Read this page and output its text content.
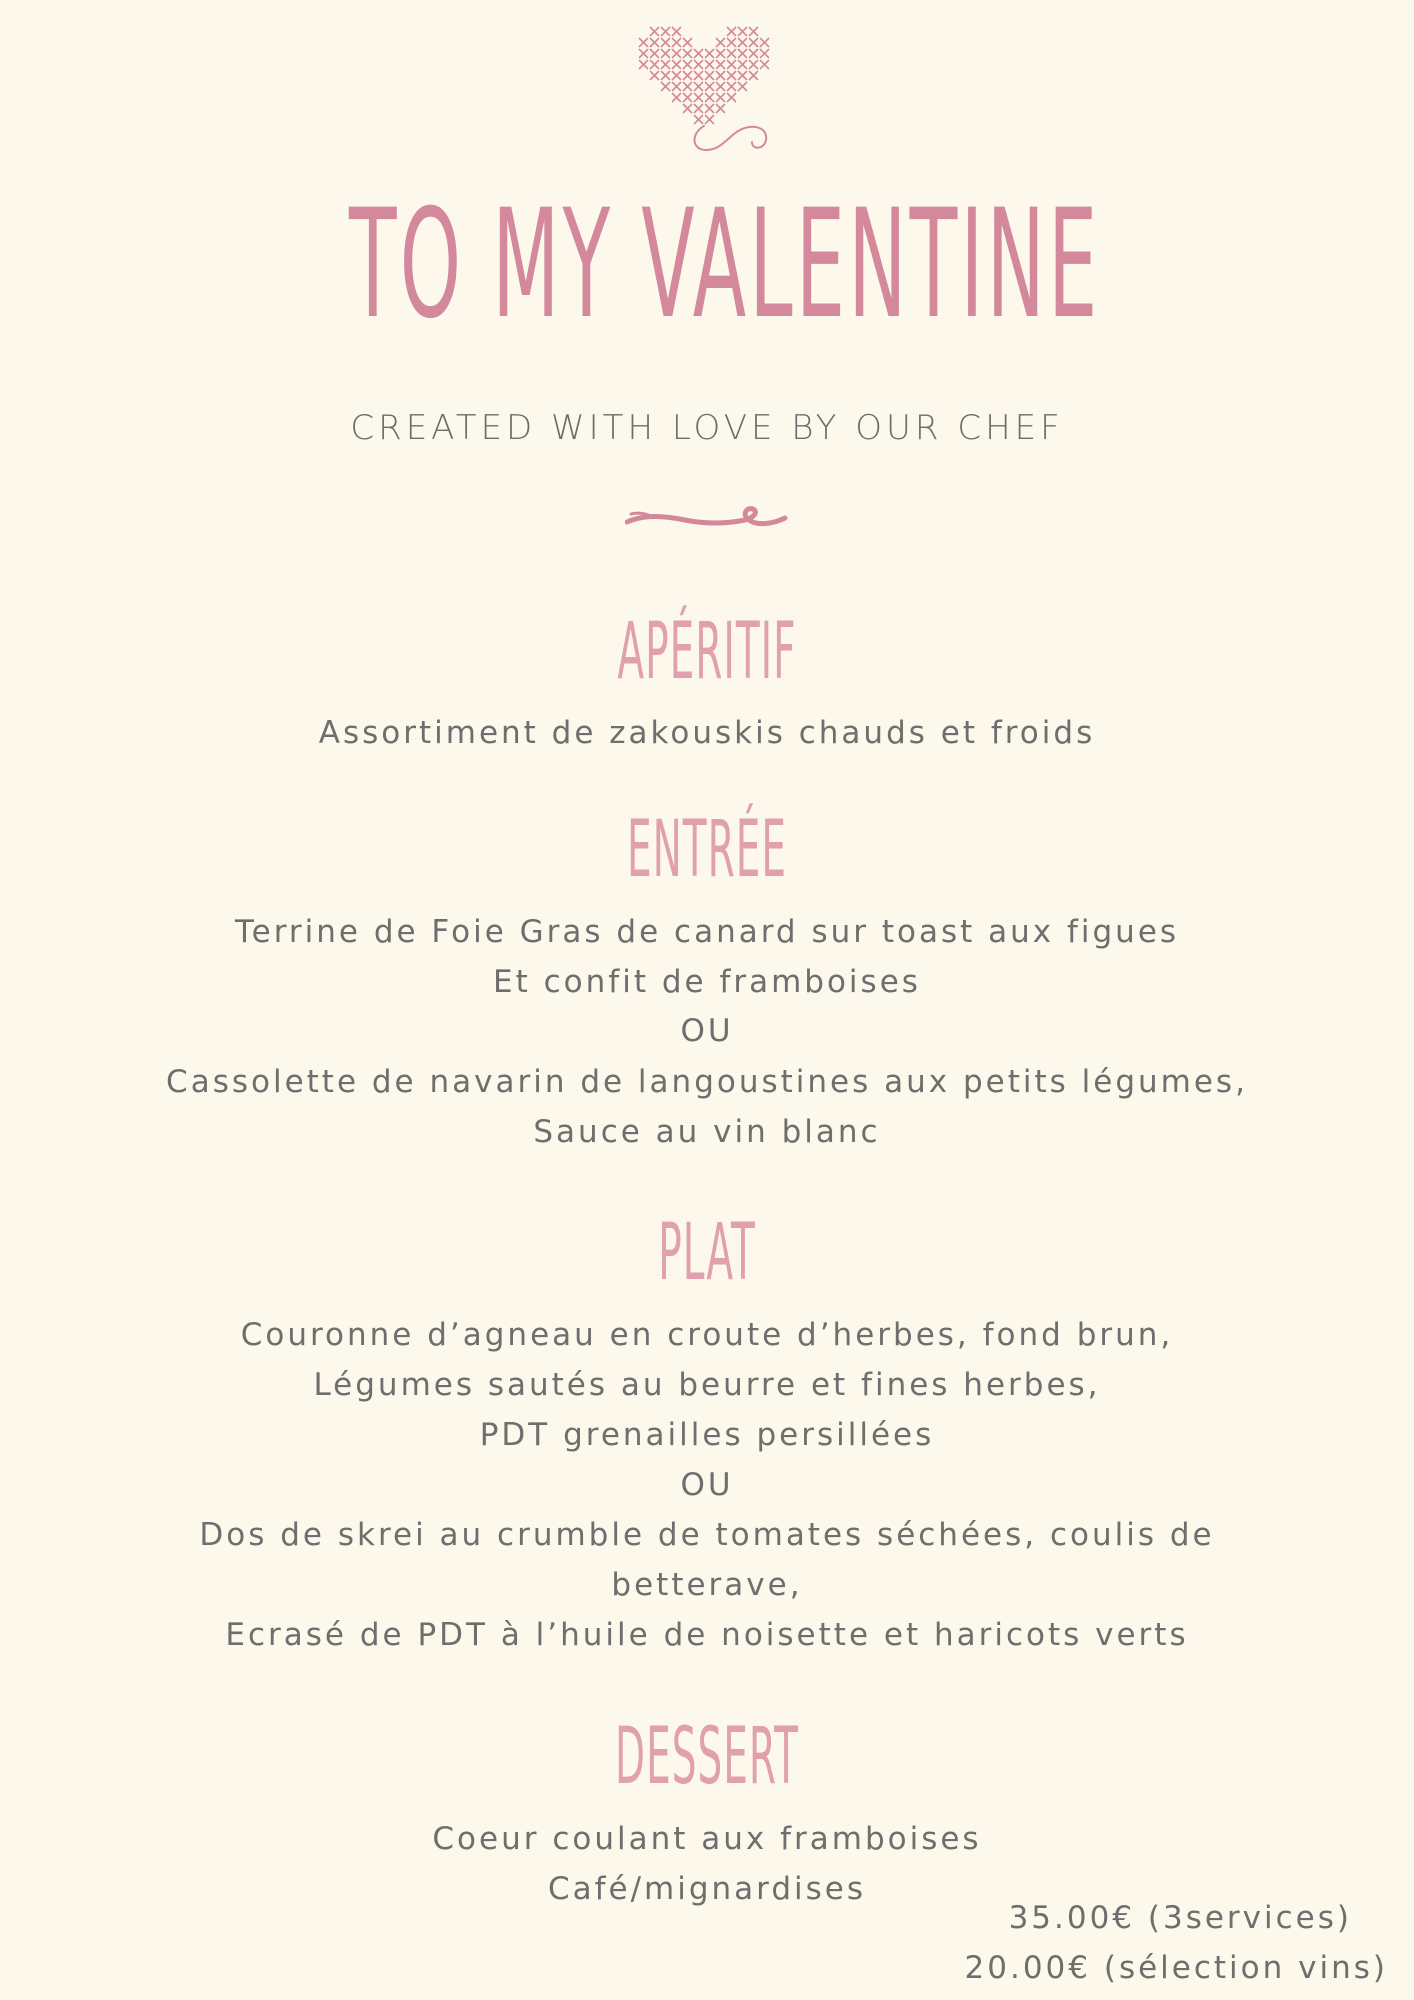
TO MY VALENTINE
CREATED WITH LOVE BY OUR CHEF
APÉRITIF
Assortiment de zakouskis chauds et froids
ENTRÉE
Terrine de Foie Gras de canard sur toast aux figues
Et confit de framboises
OU
Cassolette de navarin de langoustines aux petits légumes,
Sauce au vin blanc
PLAT
Couronne d’agneau en croute d’herbes, fond brun,
Légumes sautés au beurre et fines herbes,
PDT grenailles persillées
OU
Dos de skrei au crumble de tomates séchées, coulis de
betterave,
Ecrasé de PDT à l’huile de noisette et haricots verts
DESSERT
Coeur coulant aux framboises
Café/mignardises
35.00€ (3services)
20.00€ (sélection vins)
